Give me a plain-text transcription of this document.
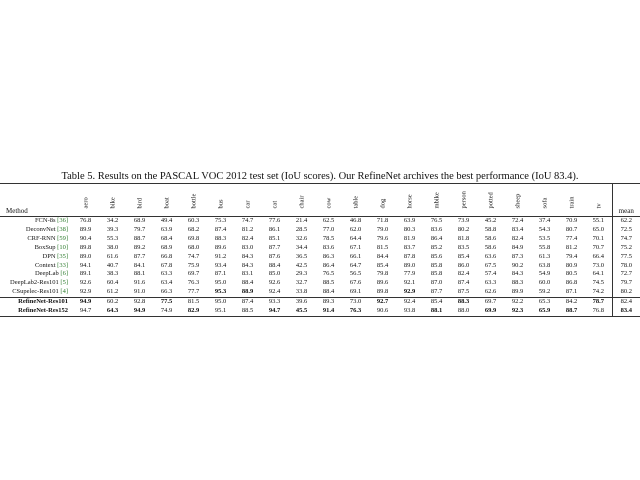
Table 5. Results on the PASCAL VOC 2012 test set (IoU scores). Our RefineNet archives the best performance (IoU 83.4).
Method	aero	bike	bird	boat	bottle	bus	car	cat	chair	cow	table	dog	horse	mbike	person	potted	sheep	sofa	train	tv	mean
FCN-8s [36]	76.8	34.2	68.9	49.4	60.3	75.3	74.7	77.6	21.4	62.5	46.8	71.8	63.9	76.5	73.9	45.2	72.4	37.4	70.9	55.1	62.2
DeconvNet [38]	89.9	39.3	79.7	63.9	68.2	87.4	81.2	86.1	28.5	77.0	62.0	79.0	80.3	83.6	80.2	58.8	83.4	54.3	80.7	65.0	72.5
CRF-RNN [59]	90.4	55.3	88.7	68.4	69.8	88.3	82.4	85.1	32.6	78.5	64.4	79.6	81.9	86.4	81.8	58.6	82.4	53.5	77.4	70.1	74.7
BoxSup [10]	89.8	38.0	89.2	68.9	68.0	89.6	83.0	87.7	34.4	83.6	67.1	81.5	83.7	85.2	83.5	58.6	84.9	55.8	81.2	70.7	75.2
DPN [35]	89.0	61.6	87.7	66.8	74.7	91.2	84.3	87.6	36.5	86.3	66.1	84.4	87.8	85.6	85.4	63.6	87.3	61.3	79.4	66.4	77.5
Context [33]	94.1	40.7	84.1	67.8	75.9	93.4	84.3	88.4	42.5	86.4	64.7	85.4	89.0	85.8	86.0	67.5	90.2	63.8	80.9	73.0	78.0
DeepLab [6]	89.1	38.3	88.1	63.3	69.7	87.1	83.1	85.0	29.3	76.5	56.5	79.8	77.9	85.8	82.4	57.4	84.3	54.9	80.5	64.1	72.7
DeepLab2-Res101 [5]	92.6	60.4	91.6	63.4	76.3	95.0	88.4	92.6	32.7	88.5	67.6	89.6	92.1	87.0	87.4	63.3	88.3	60.0	86.8	74.5	79.7
CSupelec-Res101 [4]	92.9	61.2	91.0	66.3	77.7	95.3	88.9	92.4	33.8	88.4	69.1	89.8	92.9	87.7	87.5	62.6	89.9	59.2	87.1	74.2	80.2
RefineNet-Res101	94.9	60.2	92.8	77.5	81.5	95.0	87.4	93.3	39.6	89.3	73.0	92.7	92.4	85.4	88.3	69.7	92.2	65.3	84.2	78.7	82.4
RefineNet-Res152	94.7	64.3	94.9	74.9	82.9	95.1	88.5	94.7	45.5	91.4	76.3	90.6	93.8	88.1	88.0	69.9	92.3	65.9	88.7	76.8	83.4
